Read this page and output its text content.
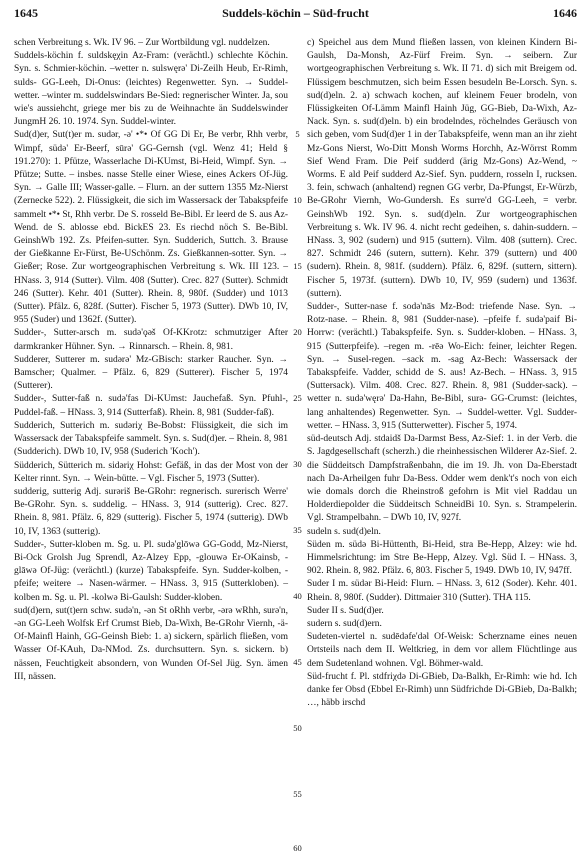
1645	Suddels-köchin – Süd-frucht	1646

schen Verbreitung s. Wk. IV 96. – Zur Wortbildung vgl. nuddelzen.

Suddels-köchin f. suldskęχin Az-Fram: (verächtl.) schlechte Köchin. Syn. s. Schmier-köchin. –wetter n. sulswęrə' Di-Zeilh Heub, Er-Rimh, sulds- GG-Leeh, Di-Onus: (leichtes) Regenwetter. Syn. → Suddel-wetter. –winter m. suddelswindərs Be-Sied: regnerischer Winter. Ja, sou wie's aussiehcht, griege mer bis zu de Weihnachte än Suddelswinder JungmH 26. 10. 1974. Syn. Suddel-winter.

Sud(d)er, Sut(t)er m. sudər, -ə' •*• Of GG Di Er, Be verbr, Rhh verbr, Wimpf, südə' Er-Beerf, sūrə' GG-Gernsh (vgl. Wenz 41; Held § 191.270): 1. Pfütze, Wasserlache Di-KUmst, Bi-Heid, Wimpf. Syn. → Pfütze; Sutte. – insbes. nasse Stelle einer Wiese, eines Ackers Of-Jüg. Syn. → Galle III; Wasser-galle. – Flurn. an der suttern 1355 Mz-Nierst (Zernecke 522). 2. Flüssigkeit, die sich im Wassersack der Tabakspfeife sammelt •*• St, Rhh verbr. De S. rosseld Be-Bibl. Er leerd de S. aus Az-Wend. de S. ablosse ebd. BickES 23. Es riechd nöch S. Be-Bibl. GeinshWb 192. Zs. Pfeifen-sutter. Syn. Sudderich, Suttch. 3. Brause der Gießkanne Er-Fürst, Be-USchönm. Zs. Gießkannen-sotter. Syn. → Gießer; Rose. Zur wortgeographischen Verbreitung s. Wk. III 123. – HNass. 3, 914 (Sutter). Vilm. 408 (Sutter). Crec. 827 (Sutter). Schmidt 246 (Sutter). Kehr. 401 (Sutter). Rhein. 8, 980f. (Sudder) und 1013 (Sutter). Pfälz. 6, 828f. (Sutter). Fischer 5, 1973 (Sutter). DWb 10, IV, 955 (Suder) und 1362f. (Sutter).

Sudder-, Sutter-arsch m. sudə'ǫəš Of-KKrotz: schmutziger After darmkranker Hühner. Syn. → Rinnarsch. – Rhein. 8, 981.

Sudderer, Sutterer m. sudərə' Mz-GBisch: starker Raucher. Syn. → Bamscher; Qualmer. – Pfälz. 6, 829 (Sutterer). Fischer 5, 1974 (Sutterer).

Sudder-, Sutter-faß n. sudə'fas Di-KUmst: Jauchefaß. Syn. Pfuhl-, Puddel-faß. – HNass. 3, 914 (Sutterfaß). Rhein. 8, 981 (Sudder-faß).

Sudderich, Sutterich m. sudəriχ Be-Bobst: Flüssigkeit, die sich im Wassersack der Tabakspfeife sammelt. Syn. s. Sud(d)er. – Rhein. 8, 981 (Sudderich). DWb 10, IV, 958 (Suderich 'Koch').

Südderich, Sütterich m. sidəriχ Hohst: Gefäß, in das der Most von der Kelter rinnt. Syn. → Wein-bütte. – Vgl. Fischer 5, 1973 (Sutter).

sudderig, sutterig Adj. surəriš Be-GRohr: regnerisch. surerisch Werre' Be-GRohr. Syn. s. suddelig. – HNass. 3, 914 (sutterig). Crec. 827. Rhein. 8, 981. Pfälz. 6, 829 (sutterig). Fischer 5, 1974 (sutterig). DWb 10, IV, 1363 (sutterig).

Sudder-, Sutter-kloben m. Sg. u. Pl. sudə'glōwə GG-Godd, Mz-Nierst, Bi-Ock Grolsh Jug Sprendl, Az-Alzey Epp, -glouwə Er-OKainsb, -glāwə Of-Jüg: (verächtl.) (kurze) Tabakspfeife. Syn. Sudder-kolben, -pfeife; weitere → Nasen-wärmer. – HNass. 3, 915 (Sutterkloben). –kolben m. Sg. u. Pl. -kolwə Bi-Gaulsh: Sudder-kloben.

sud(d)ern, sut(t)ern schw. sudə'n, -ən St oRhh verbr, -ərə wRhh, surə'n, -ən GG-Leeh Wolfsk Erf Crumst Bieb, Da-Wixh, Be-GRohr Viernh, -ä- Of-Mainfl Hainh, GG-Geinsh Bieb: 1. a) sickern, spärlich fließen, vom Wasser Of-KAuh, Da-NMod. Zs. durchsuttern. Syn. s. sickern. b) nässen, Feuchtigkeit absondern, von Wunden Of-Sel Jüg. Syn. ämen III, nässen.

5
10
15
20
25
30
35
40
45
50
55
60

c) Speichel aus dem Mund fließen lassen, von kleinen Kindern Bi-Gaulsh, Da-Monsh, Az-Fürf Freim. Syn. → seibern. Zur wortgeographischen Verbreitung s. Wk. II 71. d) sich mit Breigem od. Flüssigem beschmutzen, sich beim Essen besudeln Be-Lorsch. Syn. s. sud(d)eln. 2. a) schwach kochen, auf kleinem Feuer brodeln, von Flüssigkeiten Of-Lämm Mainfl Hainh Jüg, GG-Bieb, Da-Wixh, Az-Nack. Syn. s. sud(d)eln. b) ein brodelndes, röchelndes Geräusch von sich geben, vom Sud(d)er 1 in der Tabakspfeife, wenn man an ihr zieht Mz-Gons Nierst, Wo-Ditt Monsh Worms Horchh, Az-Wörrst Romm Sief Wend Fram. Die Peif sudderd (ärig Mz-Gons) Az-Wend, ~ Worms. E ald Peif sudderd Az-Sief. Syn. puddern, rosseln I, rucksen. 3. fein, schwach (anhaltend) regnen GG verbr, Da-Pfungst, Er-Würzb, Be-GRohr Viernh, Wo-Gundersh. Es surre'd GG-Leeh, = verbr. GeinshWb 192. Syn. s. sud(d)eln. Zur wortgeographischen Verbreitung s. Wk. IV 96. 4. nicht recht gedeihen, s. dahin-suddern. – HNass. 3, 902 (sudern) und 915 (suttern). Vilm. 408 (suttern). Crec. 827. Schmidt 246 (sutern, suttern). Kehr. 379 (suttern) und 400 (sudern). Rhein. 8, 981f. (suddern). Pfälz. 6, 829f. (suttern, sittern). Fischer 5, 1973f. (suttern). DWb 10, IV, 959 (sudern) und 1363f. (suttern).

Sudder-, Sutter-nase f. sodə'nās Mz-Bod: triefende Nase. Syn. → Rotz-nase. – Rhein. 8, 981 (Sudder-nase). –pfeife f. sudə'paif Bi-Horrw: (verächtl.) Tabakspfeife. Syn. s. Sudder-kloben. – HNass. 3, 915 (Sutterpfeife). –regen m. -rēə Wo-Eich: feiner, leichter Regen. Syn. → Susel-regen. –sack m. -sag Az-Bech: Wassersack der Tabakspfeife. Vadder, schidd de S. aus! Az-Bech. – HNass. 3, 915 (Suttersack). Vilm. 408. Crec. 827. Rhein. 8, 981 (Sudder-sack). –wetter n. sudə'węrə' Da-Hahn, Be-Bibl, surə- GG-Crumst: (leichtes, lang anhaltendes) Regenwetter. Syn. → Suddel-wetter. Vgl. Sudder-wetter. – HNass. 3, 915 (Sutterwetter). Fischer 5, 1974.

süd-deutsch Adj. stdaidš Da-Darmst Bess, Az-Sief: 1. in der Verb. die S. Jagdgesellschaft (scherzh.) die rheinhessischen Wilderer Az-Sief. 2. die Süddeitsch Dampfstraßenbahn, die im 19. Jh. von Da-Eberstadt nach Da-Arheilgen fuhr Da-Bess. Odder wem denk't's noch von eich wie domals dorch die Rheinstroß gefohrn is Mit viel Raddau un Holderdiepolder die Süddeitsch SchneidBi 10. Syn. s. Strampelerin. Vgl. Strampelbahn. – DWb 10, IV, 927f.

sudeln s. sud(d)eln.

Süden m. südə Bi-Hüttenth, Bi-Heid, stra Be-Hepp, Alzey: wie hd. Himmelsrichtung: im Stre Be-Hepp, Alzey. Vgl. Süd I. – HNass. 3, 902. Rhein. 8, 982. Pfälz. 6, 803. Fischer 5, 1949. DWb 10, IV, 947ff.

Suder I m. südər Bi-Heid: Flurn. – HNass. 3, 612 (Soder). Kehr. 401. Rhein. 8, 980f. (Sudder). Dittmaier 310 (Sutter). THA 115.

Suder II s. Sud(d)er.

sudern s. sud(d)ern.

Sudeten-viertel n. sudēdəfe'dəl Of-Weisk: Scherzname eines neuen Ortsteils nach dem II. Weltkrieg, in dem vor allem Flüchtlinge aus dem Sudetenland wohnen. Vgl. Böhmer-wald.

Süd-frucht f. Pl. stdfriχdə Di-GBieb, Da-Balkh, Er-Rimh: wie hd. Ich danke fer Obsd (Ebbel Er-Rimh) unn Südfrichde Di-GBieb, Da-Balkh; …, häbb irschd
